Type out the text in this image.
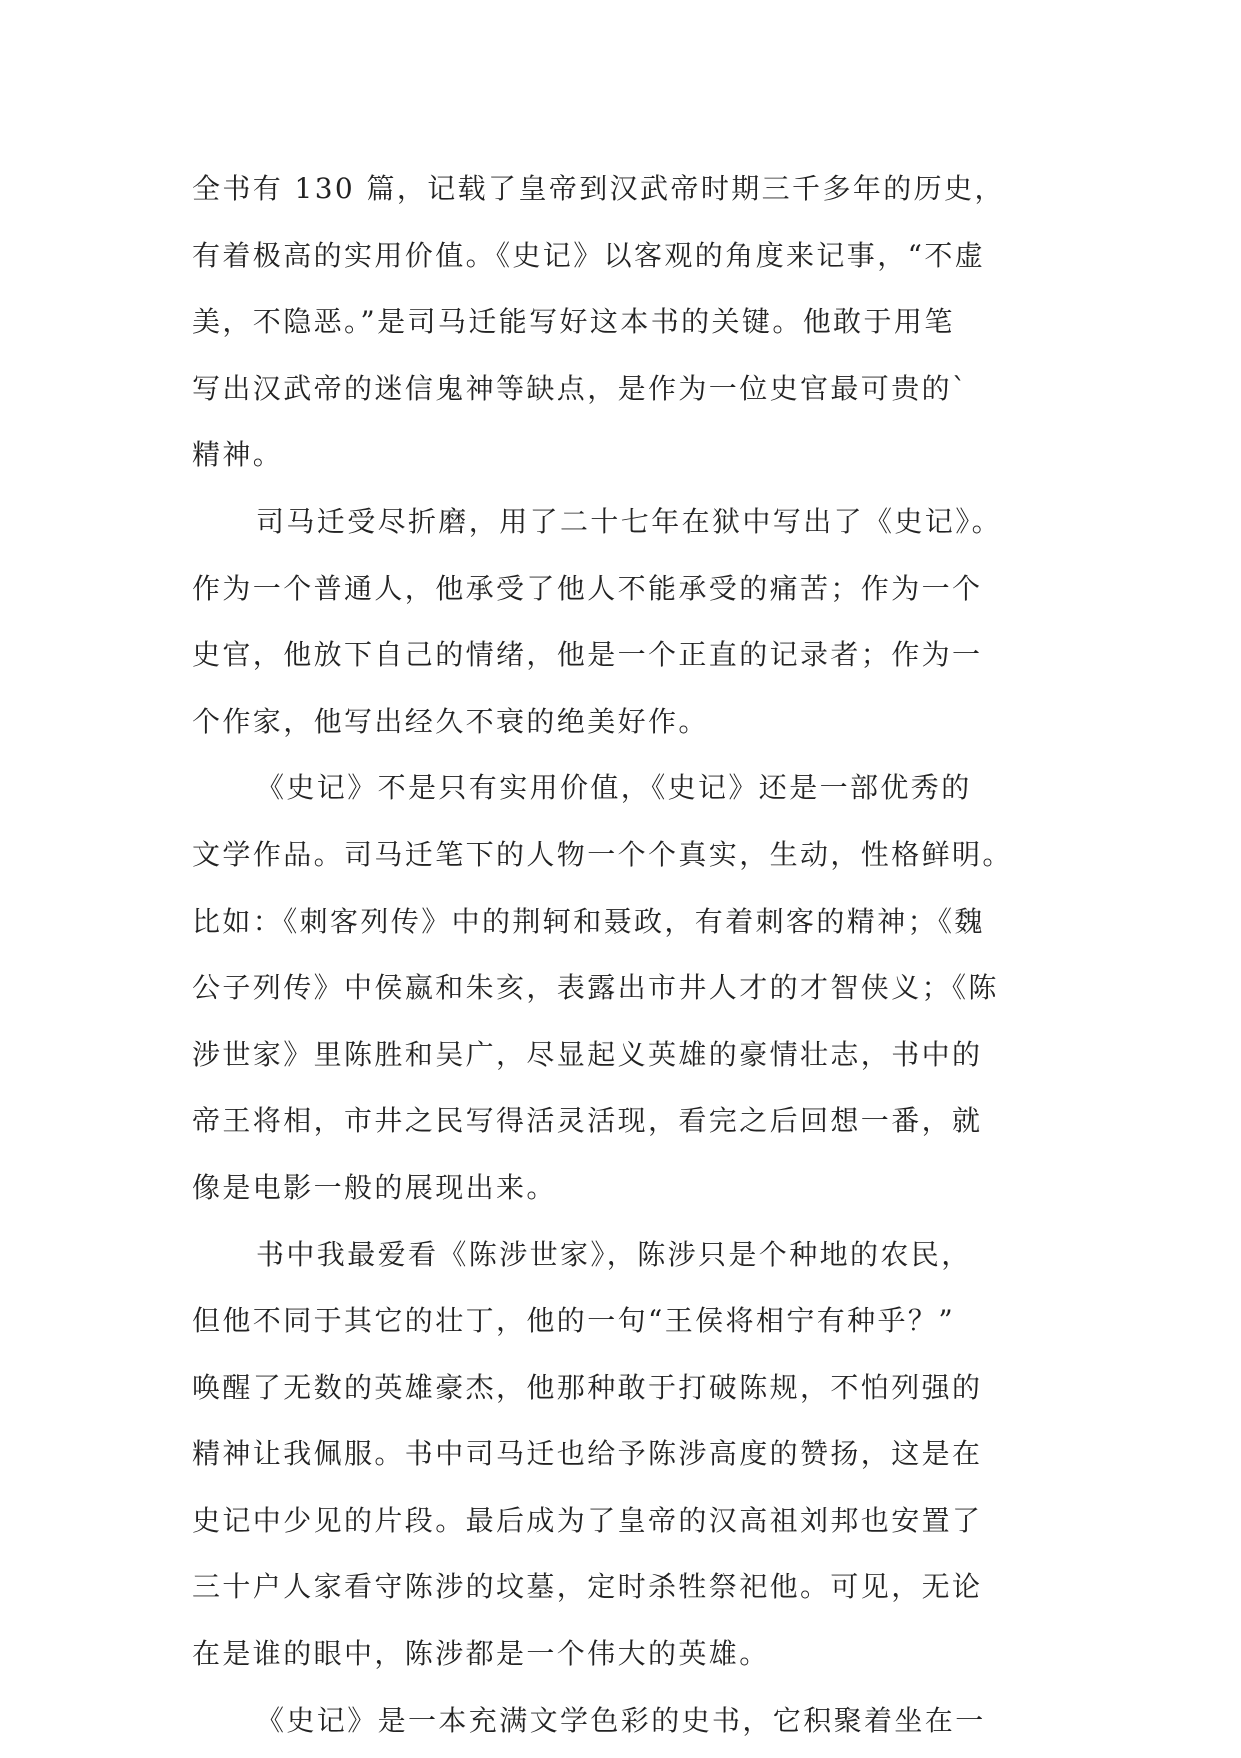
全书有 130 篇，记载了皇帝到汉武帝时期三千多年的历史，
有着极高的实用价值。《史记》以客观的角度来记事，“不虚
美，不隐恶。”是司马迁能写好这本书的关键。他敢于用笔
写出汉武帝的迷信鬼神等缺点，是作为一位史官最可贵的`
精神。
司马迁受尽折磨，用了二十七年在狱中写出了《史记》。
作为一个普通人，他承受了他人不能承受的痛苦；作为一个
史官，他放下自己的情绪，他是一个正直的记录者；作为一
个作家，他写出经久不衰的绝美好作。
《史记》不是只有实用价值，《史记》还是一部优秀的
文学作品。司马迁笔下的人物一个个真实，生动，性格鲜明。
比如：《刺客列传》中的荆轲和聂政，有着刺客的精神；《魏
公子列传》中侯嬴和朱亥，表露出市井人才的才智侠义；《陈
涉世家》里陈胜和吴广，尽显起义英雄的豪情壮志，书中的
帝王将相，市井之民写得活灵活现，看完之后回想一番，就
像是电影一般的展现出来。
书中我最爱看《陈涉世家》，陈涉只是个种地的农民，
但他不同于其它的壮丁，他的一句“王侯将相宁有种乎？”
唤醒了无数的英雄豪杰，他那种敢于打破陈规，不怕列强的
精神让我佩服。书中司马迁也给予陈涉高度的赞扬，这是在
史记中少见的片段。最后成为了皇帝的汉高祖刘邦也安置了
三十户人家看守陈涉的坟墓，定时杀牲祭祀他。可见，无论
在是谁的眼中，陈涉都是一个伟大的英雄。
《史记》是一本充满文学色彩的史书，它积聚着坐在一
